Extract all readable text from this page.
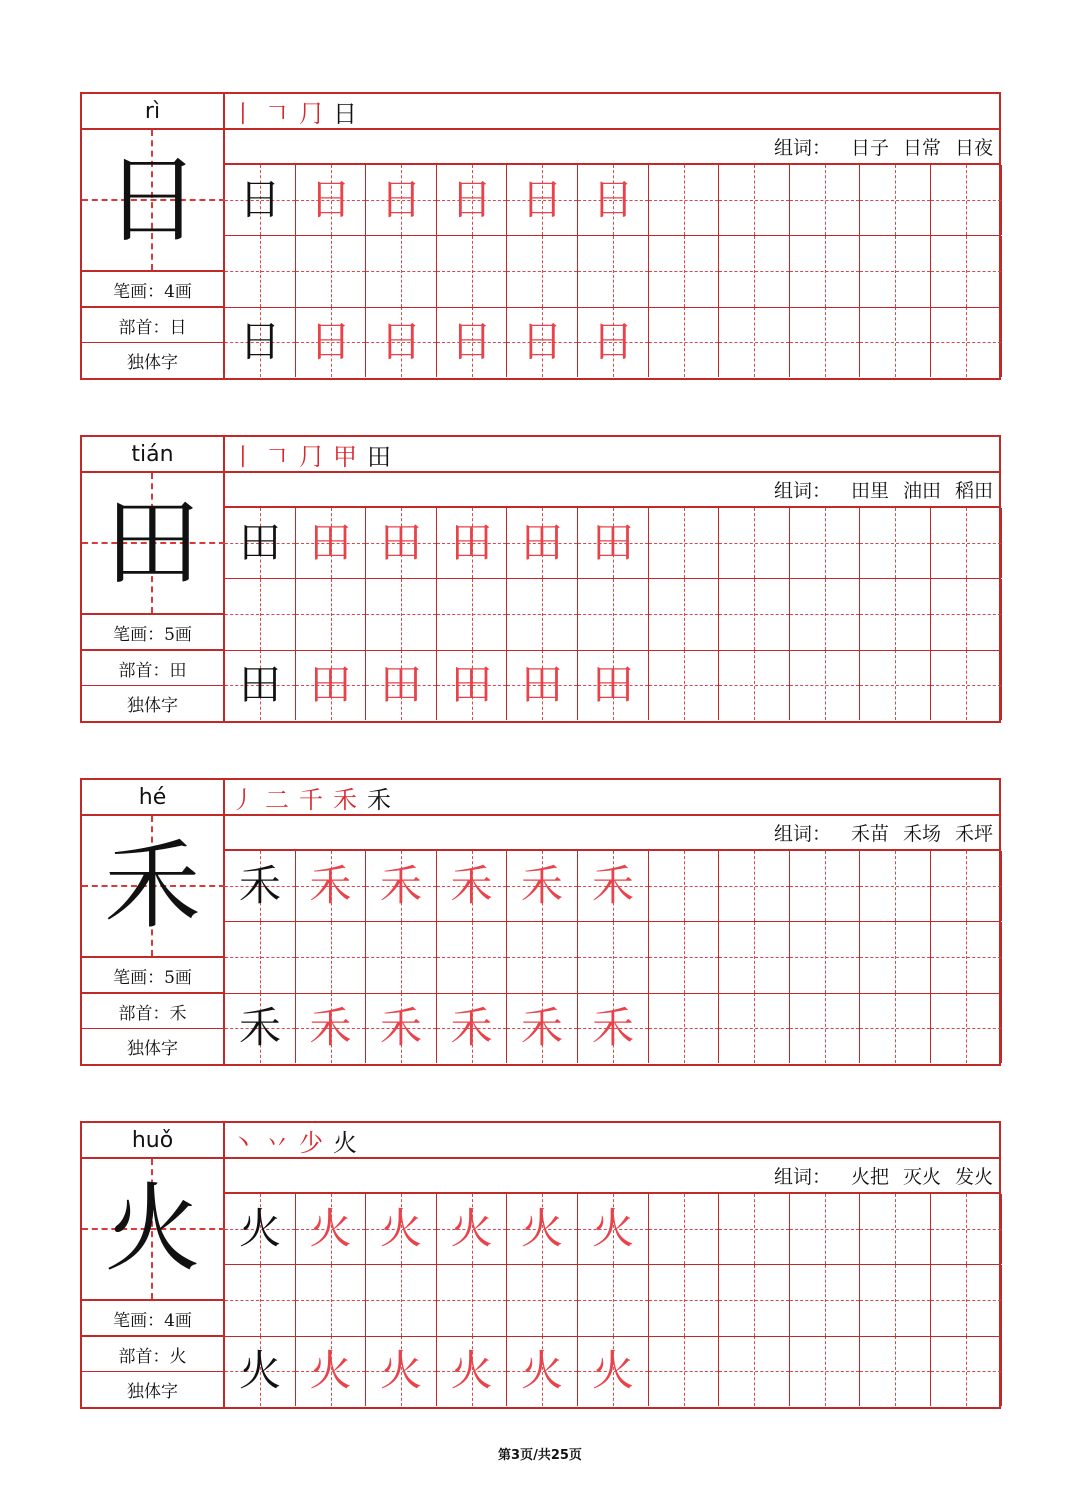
rì
日
笔画：4画
部首：日
独体字
丨 𠃍 ⺆ 日
组词： 日子 日常 日夜
日 日 日 日 日 日
日 日 日 日 日 日
tián
田
笔画：5画
部首：田
独体字
丨 𠃍 ⺆ 甲 田
组词： 田里 油田 稻田
田 田 田 田 田 田
田 田 田 田 田 田
hé
禾
笔画：5画
部首：禾
独体字
丿 二 千 禾 禾
组词： 禾苗 禾场 禾坪
禾 禾 禾 禾 禾 禾
禾 禾 禾 禾 禾 禾
huǒ
火
笔画：4画
部首：火
独体字
丶 丷 少 火
组词： 火把 灭火 发火
火 火 火 火 火 火
火 火 火 火 火 火
第3页/共25页
